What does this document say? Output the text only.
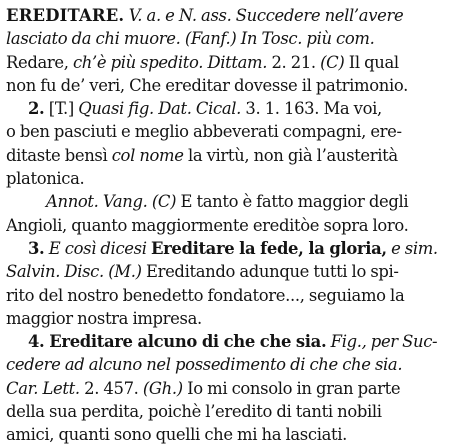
EREDITARE. V. a. e N. ass. Succedere nell’avere
lasciato da chi muore. (Fanf.) In Tosc. più com.
Redare, ch’è più spedito. Dittam. 2. 21. (C) Il qual
non fu de’ veri, Che ereditar dovesse il patrimonio.
2. [T.] Quasi fig. Dat. Cical. 3. 1. 163. Ma voi,
o ben pasciuti e meglio abbeverati compagni, ere-
ditaste bensì col nome la virtù, non già l’austerità
platonica.
Annot. Vang. (C) E tanto è fatto maggior degli
Angioli, quanto maggiormente ereditòe sopra loro.
3. E così dicesi Ereditare la fede, la gloria, e sim.
Salvin. Disc. (M.) Ereditando adunque tutti lo spi-
rito del nostro benedetto fondatore..., seguiamo la
maggior nostra impresa.
4. Ereditare alcuno di che che sia. Fig., per Suc-
cedere ad alcuno nel possedimento di che che sia.
Car. Lett. 2. 457. (Gh.) Io mi consolo in gran parte
della sua perdita, poichè l’eredito di tanti nobili
amici, quanti sono quelli che mi ha lasciati.
